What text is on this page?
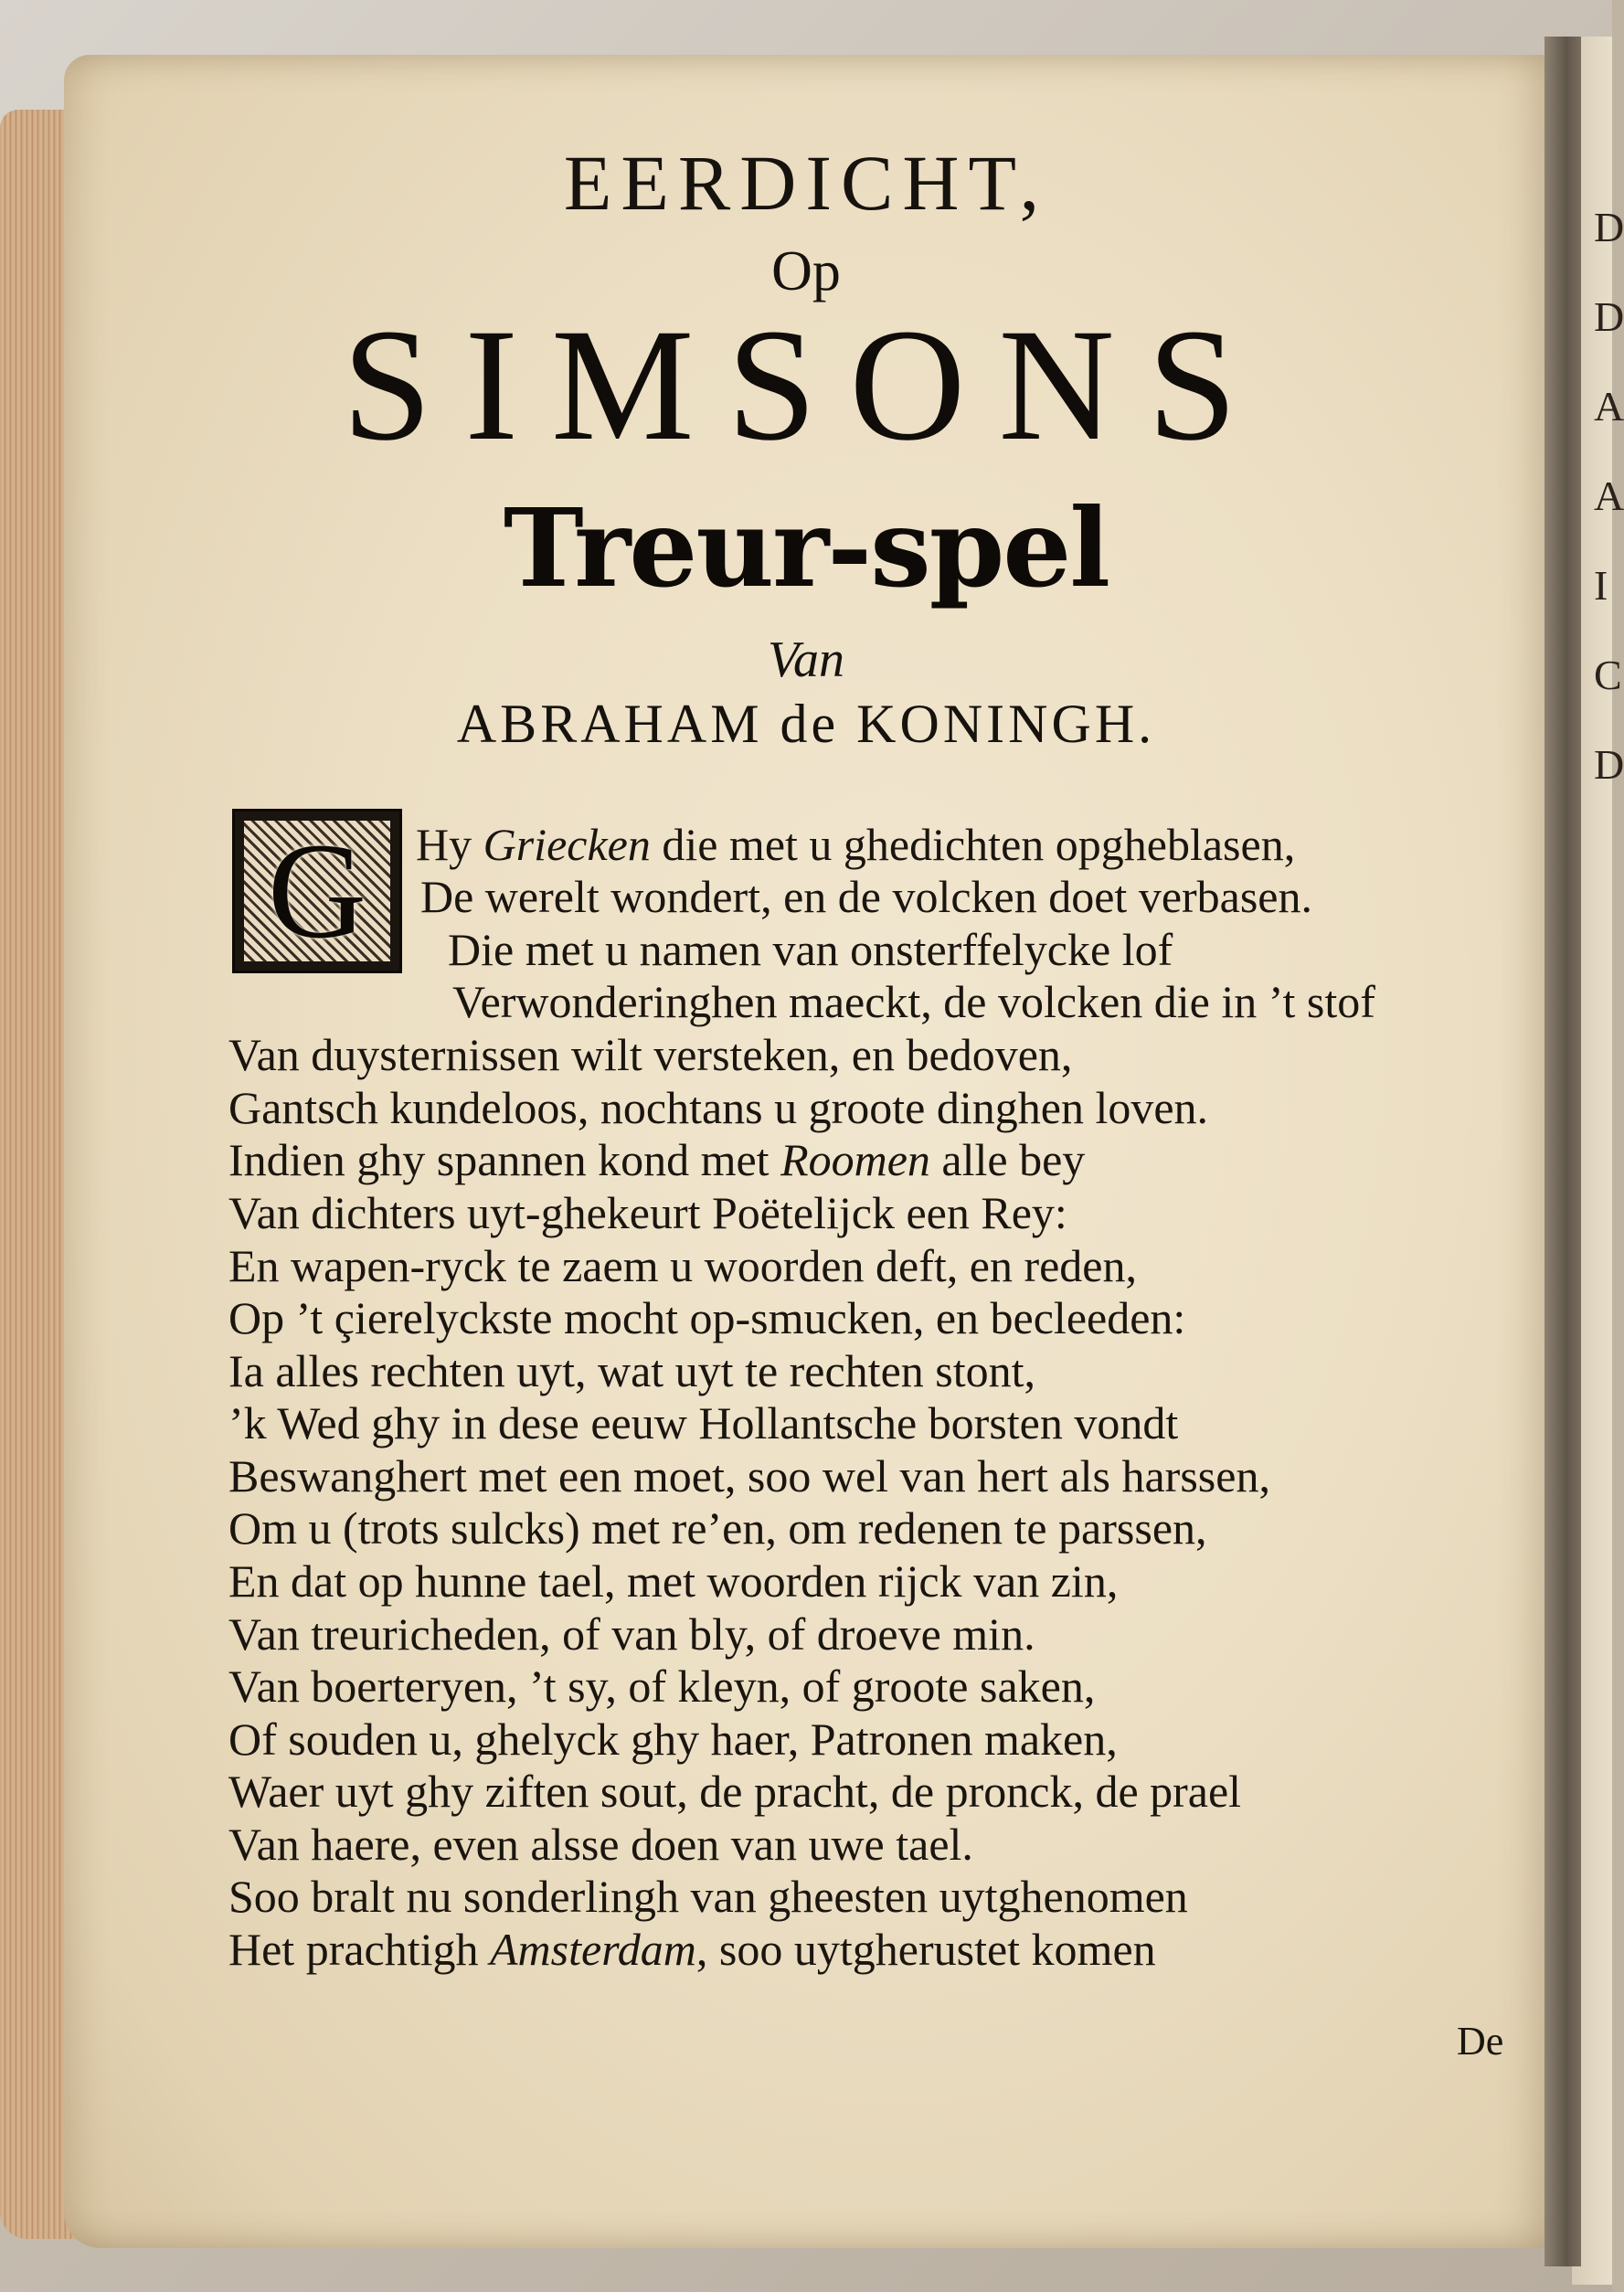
D
D
A
A
I
C
D
EERDICHT,
Op
SIMSONS
Treur-spel
Van
ABRAHAM de KONINGH.
G	Hy Griecken die met u ghedichten opgheblasen,
De werelt wondert, en de volcken doet verbasen.
Die met u namen van onsterffelycke lof
Verwonderinghen maeckt, de volcken die in ’t stof
Van duysternissen wilt versteken, en bedoven,
Gantsch kundeloos, nochtans u groote dinghen loven.
Indien ghy spannen kond met Roomen alle bey
Van dichters uyt-ghekeurt Poëtelijck een Rey:
En wapen-ryck te zaem u woorden deft, en reden,
Op ’t çierelyckste mocht op-smucken, en becleeden:
Ia alles rechten uyt, wat uyt te rechten stont,
’k Wed ghy in dese eeuw Hollantsche borsten vondt
Beswanghert met een moet, soo wel van hert als harssen,
Om u (trots sulcks) met re’en, om redenen te parssen,
En dat op hunne tael, met woorden rijck van zin,
Van treuricheden, of van bly, of droeve min.
Van boerteryen, ’t sy, of kleyn, of groote saken,
Of souden u, ghelyck ghy haer, Patronen maken,
Waer uyt ghy ziften sout, de pracht, de pronck, de prael
Van haere, even alsse doen van uwe tael.
Soo bralt nu sonderlingh van gheesten uytghenomen
Het prachtigh Amsterdam, soo uytgherustet komen
De
